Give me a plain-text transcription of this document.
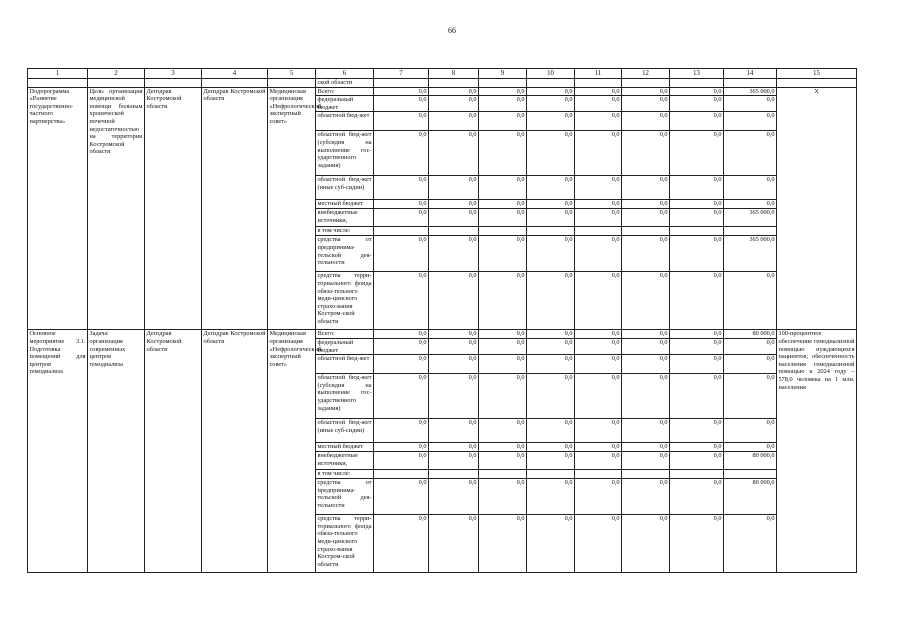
66
1	2	3	4	5	6	7	8	9	10	11	12	13	14	15
					ской области									
Подпрограмма «Развитие государственно-частного партнерства»	Цель: организация медицинской помощи больным хронической почечной недостаточностью на территории Костромской области	Депздрав Костромской области	Депздрав Костромской области	Медицинская организация «Нефрологический экспертный совет»	Всего:	0,0	0,0	0,0	0,0	0,0	0,0	0,0	365 000,0	X
					федеральный бюджет	0,0	0,0	0,0	0,0	0,0	0,0	0,0	0,0	
					областной бюд-жет	0,0	0,0	0,0	0,0	0,0	0,0	0,0	0,0	
					областной бюд-жет (субсидия на выполнение гос-ударственного задания)	0,0	0,0	0,0	0,0	0,0	0,0	0,0	0,0	
					областной бюд-жет (иные суб-сидии)	0,0	0,0	0,0	0,0	0,0	0,0	0,0	0,0	
					местный бюджет	0,0	0,0	0,0	0,0	0,0	0,0	0,0	0,0	
					внебюджетные источники,	0,0	0,0	0,0	0,0	0,0	0,0	0,0	365 000,0	
					в том числе:									
					средства от предпринима-тельской дея-тельности	0,0	0,0	0,0	0,0	0,0	0,0	0,0	365 000,0	
					средства терри-ториального фонда обяза-тельного меди-цинского страхо-вания Костром-ской области	0,0	0,0	0,0	0,0	0,0	0,0	0,0	0,0	
Основное мероприятие 3.1. Подготовка помещений для центров гемодиализа	Задача: организация современных центров гемодиализа	Депздрав Костромской области	Депздрав Костромской области	Медицинская организация «Нефрологический экспертный совет»	Всего:	0,0	0,0	0,0	0,0	0,0	0,0	0,0	80 000,0	100-процентное обеспечение гемодиализной помощью нуждающихся пациентов; обеспеченность населения гемодиализной помощью к 2024 году – 578,0 человека на 1 млн. населения
					федеральный бюджет	0,0	0,0	0,0	0,0	0,0	0,0	0,0	0,0	
					областной бюд-жет	0,0	0,0	0,0	0,0	0,0	0,0	0,0	0,0	
					областной бюд-жет (субсидия на выполнение гос-ударственного задания)	0,0	0,0	0,0	0,0	0,0	0,0	0,0	0,0	
					областной бюд-жет (иные суб-сидии)	0,0	0,0	0,0	0,0	0,0	0,0	0,0	0,0	
					местный бюджет	0,0	0,0	0,0	0,0	0,0	0,0	0,0	0,0	
					внебюджетные источники,	0,0	0,0	0,0	0,0	0,0	0,0	0,0	80 000,0	
					в том числе:									
					средства от предпринима-тельской дея-тельности	0,0	0,0	0,0	0,0	0,0	0,0	0,0	80 000,0	
					средства терри-ториального фонда обяза-тельного меди-цинского страхо-вания Костром-ской области	0,0	0,0	0,0	0,0	0,0	0,0	0,0	0,0	
